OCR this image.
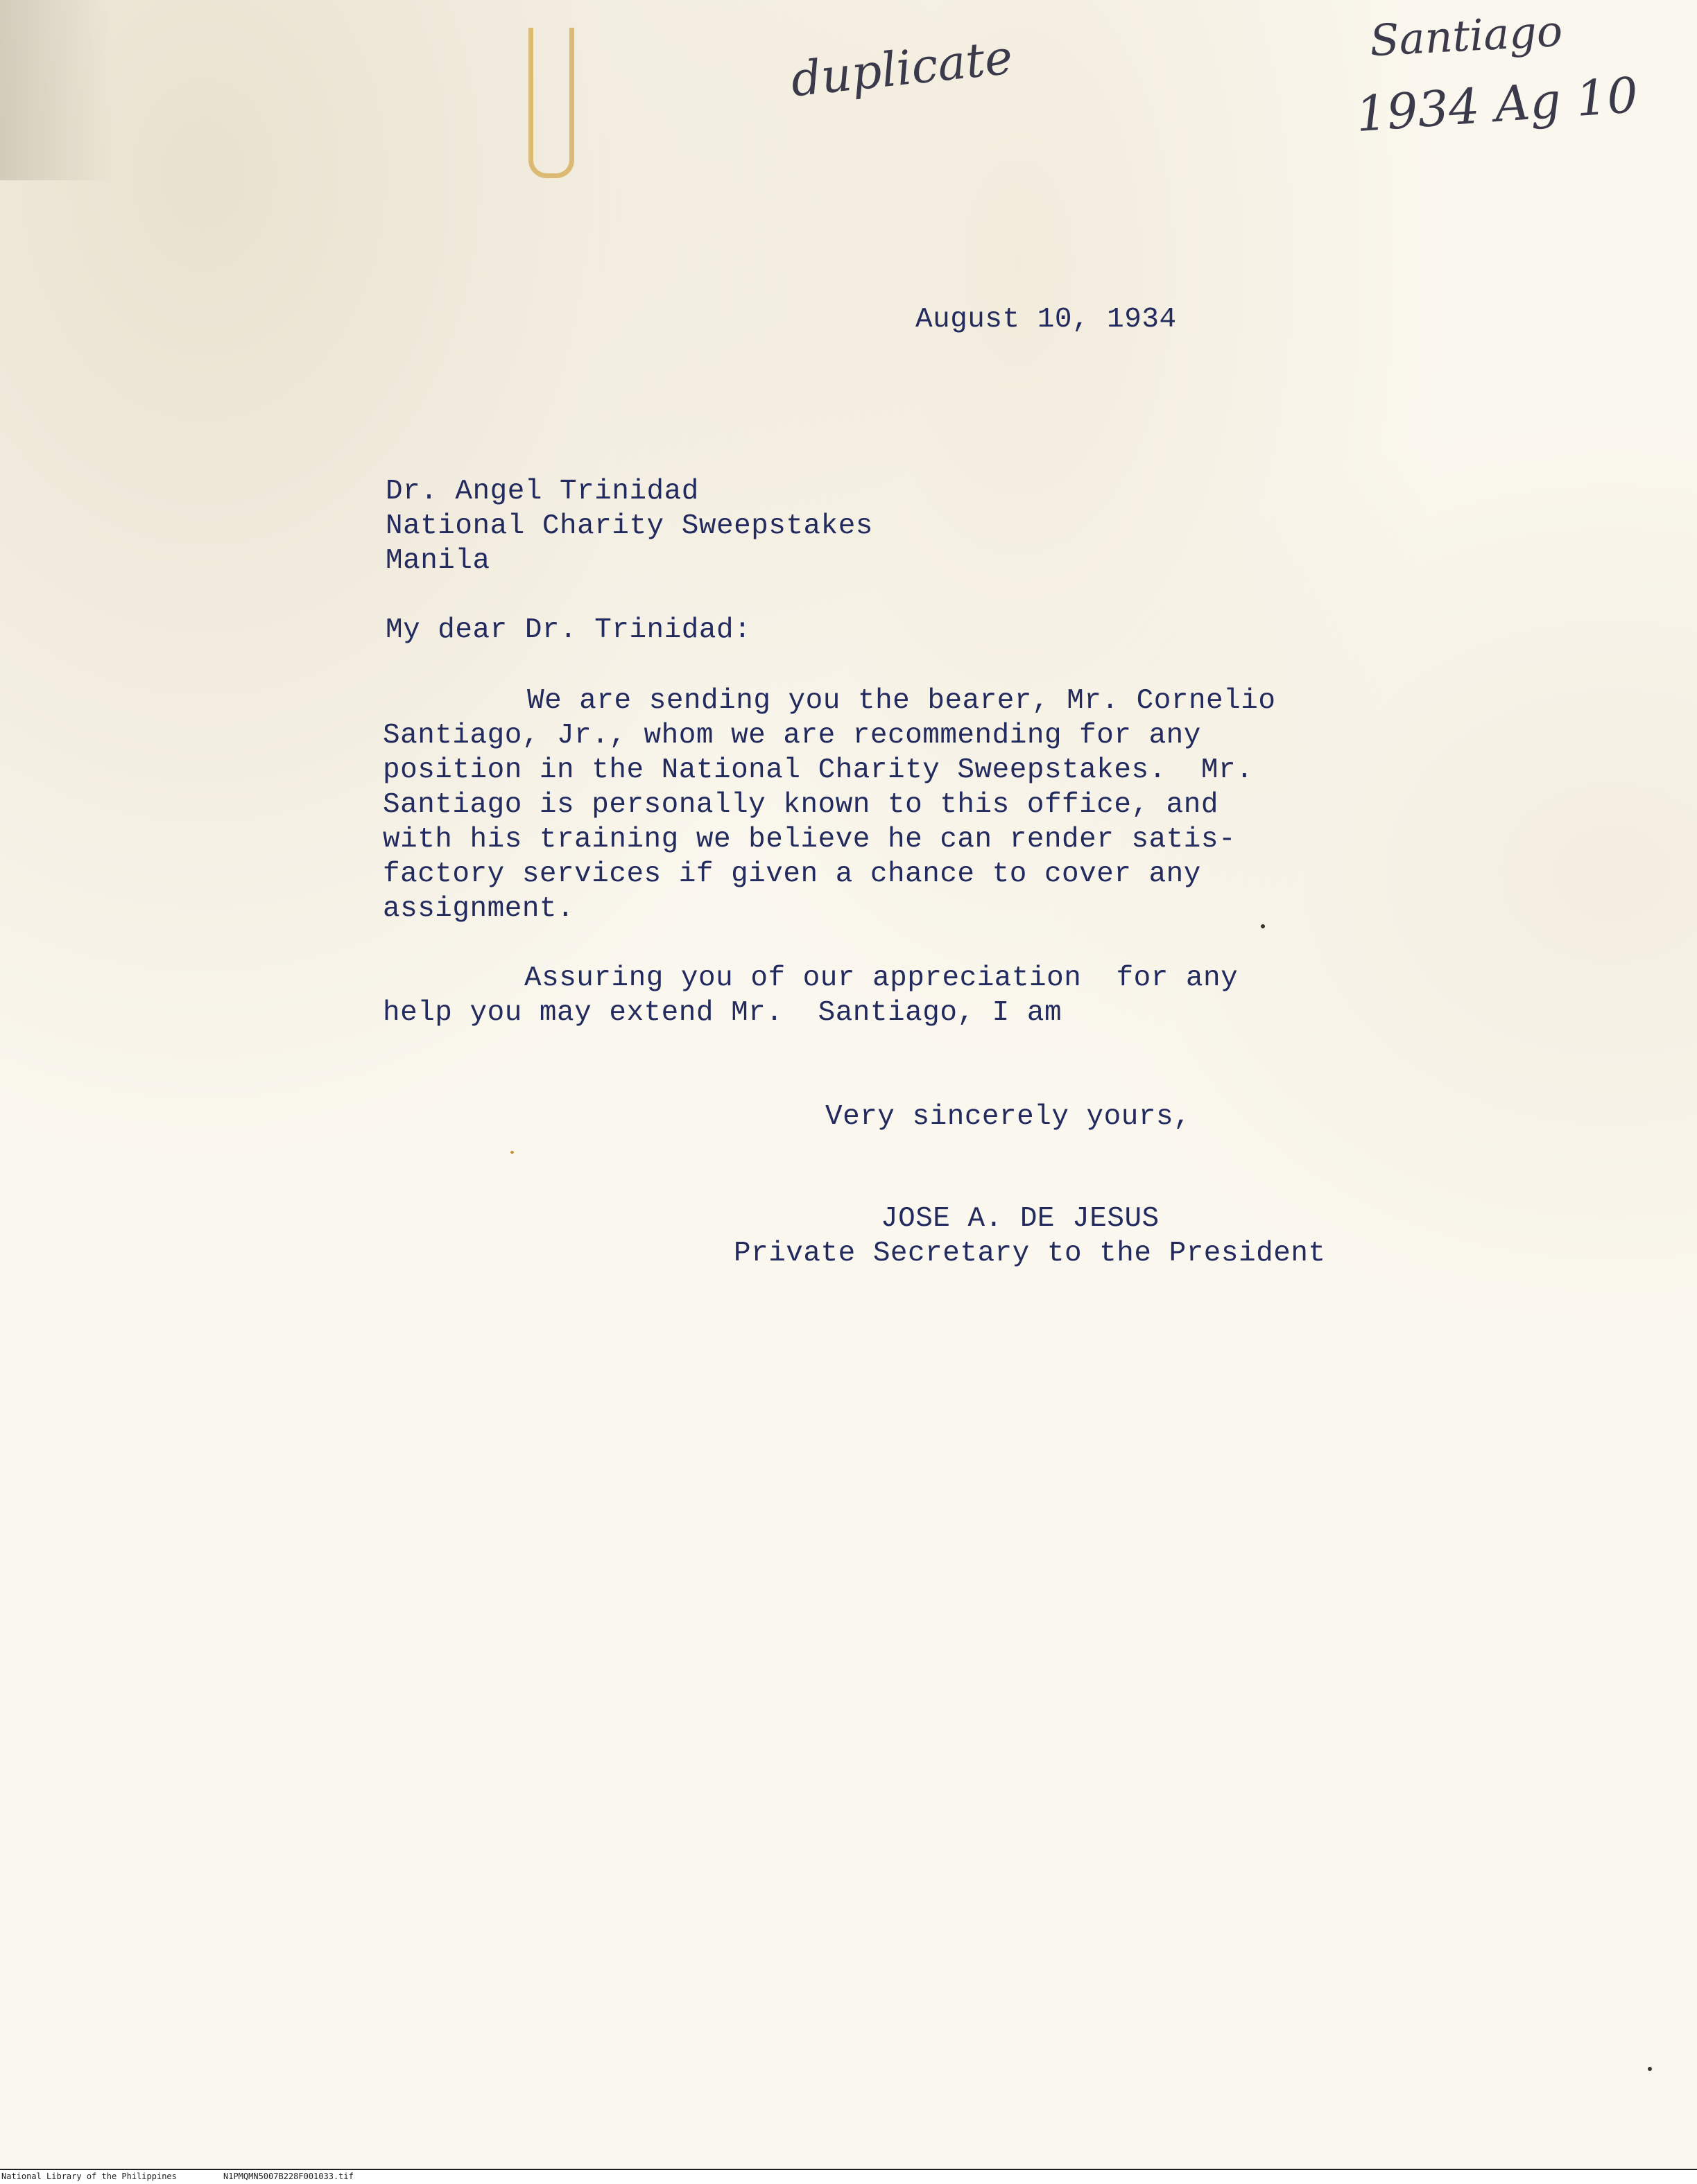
duplicate	Santiago
1934 Ag 10
August 10, 1934
Dr. Angel Trinidad
National Charity Sweepstakes
Manila
My dear Dr. Trinidad:
We are sending you the bearer, Mr. Cornelio
Santiago, Jr., whom we are recommending for any
position in the National Charity Sweepstakes.  Mr.
Santiago is personally known to this office, and
with his training we believe he can render satis-
factory services if given a chance to cover any
assignment.
Assuring you of our appreciation  for any
help you may extend Mr.  Santiago, I am
Very sincerely yours,
JOSE A. DE JESUS
Private Secretary to the President
National Library of the Philippines	N1PMQMN5007B228F001033.tif
